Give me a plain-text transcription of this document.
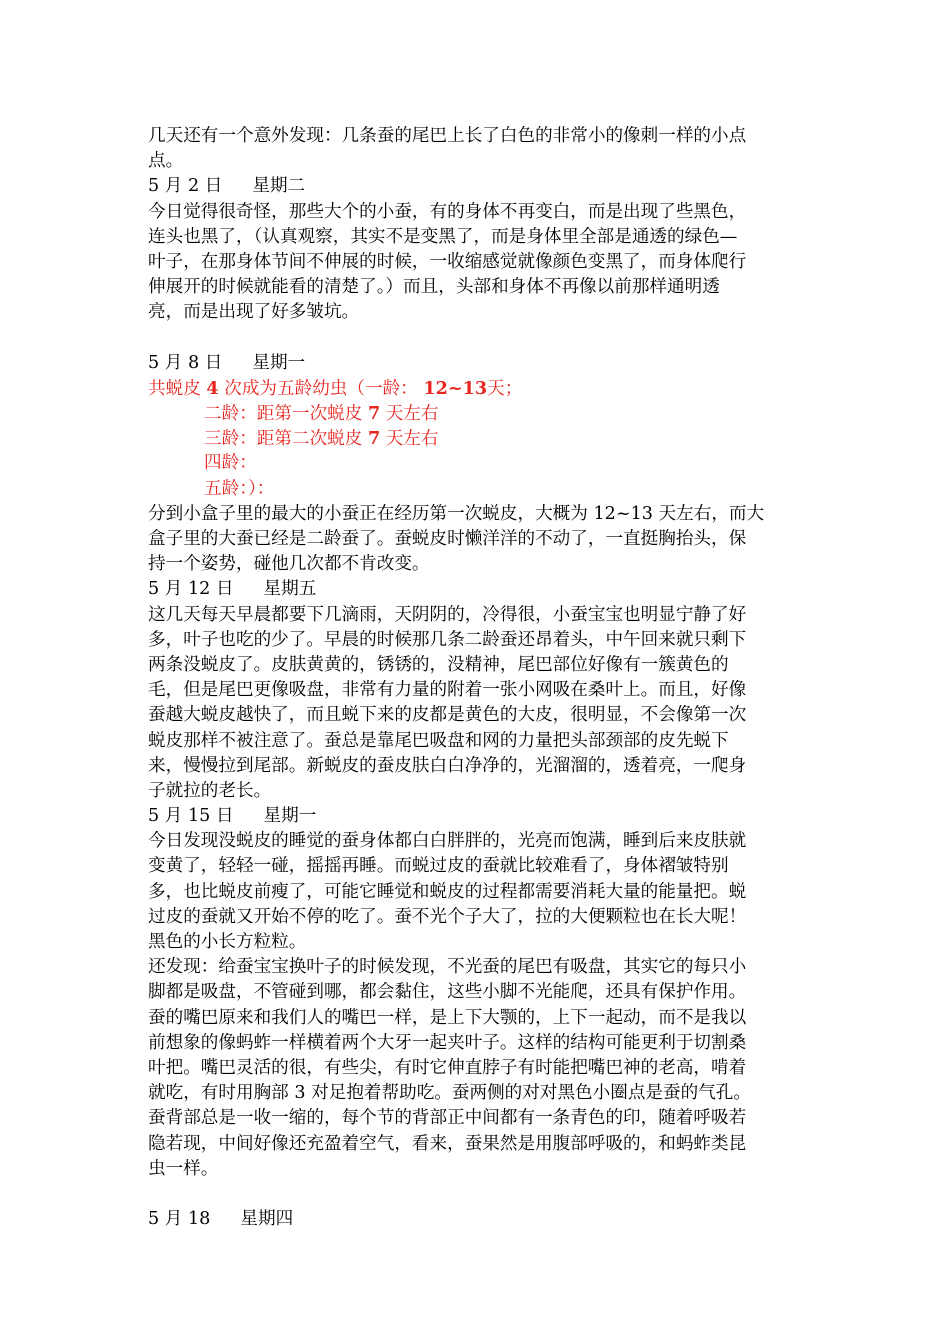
几天还有一个意外发现：几条蚕的尾巴上长了白色的非常小的像刺一样的小点
点。
5 月 2 日 星期二
今日觉得很奇怪，那些大个的小蚕，有的身体不再变白，而是出现了些黑色，
连头也黑了，（认真观察，其实不是变黑了，而是身体里全部是通透的绿色—
叶子，在那身体节间不伸展的时候，一收缩感觉就像颜色变黑了，而身体爬行
伸展开的时候就能看的清楚了。）而且，头部和身体不再像以前那样通明透
亮，而是出现了好多皱坑。
5 月 8 日 星期一
共蜕皮 4 次成为五龄幼虫（一龄： 12~13天；
二龄：距第一次蜕皮 7 天左右
三龄：距第二次蜕皮 7 天左右
四龄：
五龄：）：
分到小盒子里的最大的小蚕正在经历第一次蜕皮，大概为 12~13 天左右，而大
盒子里的大蚕已经是二龄蚕了。蚕蜕皮时懒洋洋的不动了，一直挺胸抬头，保
持一个姿势，碰他几次都不肯改变。
5 月 12 日 星期五
这几天每天早晨都要下几滴雨，天阴阴的，冷得很，小蚕宝宝也明显宁静了好
多，叶子也吃的少了。早晨的时候那几条二龄蚕还昂着头，中午回来就只剩下
两条没蜕皮了。皮肤黄黄的，锈锈的，没精神，尾巴部位好像有一簇黄色的
毛，但是尾巴更像吸盘，非常有力量的附着一张小网吸在桑叶上。而且，好像
蚕越大蜕皮越快了，而且蜕下来的皮都是黄色的大皮，很明显，不会像第一次
蜕皮那样不被注意了。蚕总是靠尾巴吸盘和网的力量把头部颈部的皮先蜕下
来，慢慢拉到尾部。新蜕皮的蚕皮肤白白净净的，光溜溜的，透着亮，一爬身
子就拉的老长。
5 月 15 日 星期一
今日发现没蜕皮的睡觉的蚕身体都白白胖胖的，光亮而饱满，睡到后来皮肤就
变黄了，轻轻一碰，摇摇再睡。而蜕过皮的蚕就比较难看了，身体褶皱特别
多，也比蜕皮前瘦了，可能它睡觉和蜕皮的过程都需要消耗大量的能量把。蜕
过皮的蚕就又开始不停的吃了。蚕不光个子大了，拉的大便颗粒也在长大呢！
黑色的小长方粒粒。
还发现：给蚕宝宝换叶子的时候发现，不光蚕的尾巴有吸盘，其实它的每只小
脚都是吸盘，不管碰到哪，都会黏住，这些小脚不光能爬，还具有保护作用。
蚕的嘴巴原来和我们人的嘴巴一样，是上下大颚的，上下一起动，而不是我以
前想象的像蚂蚱一样横着两个大牙一起夹叶子。这样的结构可能更利于切割桑
叶把。嘴巴灵活的很，有些尖，有时它伸直脖子有时能把嘴巴神的老高，啃着
就吃，有时用胸部 3 对足抱着帮助吃。蚕两侧的对对黑色小圈点是蚕的气孔。
蚕背部总是一收一缩的，每个节的背部正中间都有一条青色的印，随着呼吸若
隐若现，中间好像还充盈着空气，看来，蚕果然是用腹部呼吸的，和蚂蚱类昆
虫一样。
5 月 18 星期四
